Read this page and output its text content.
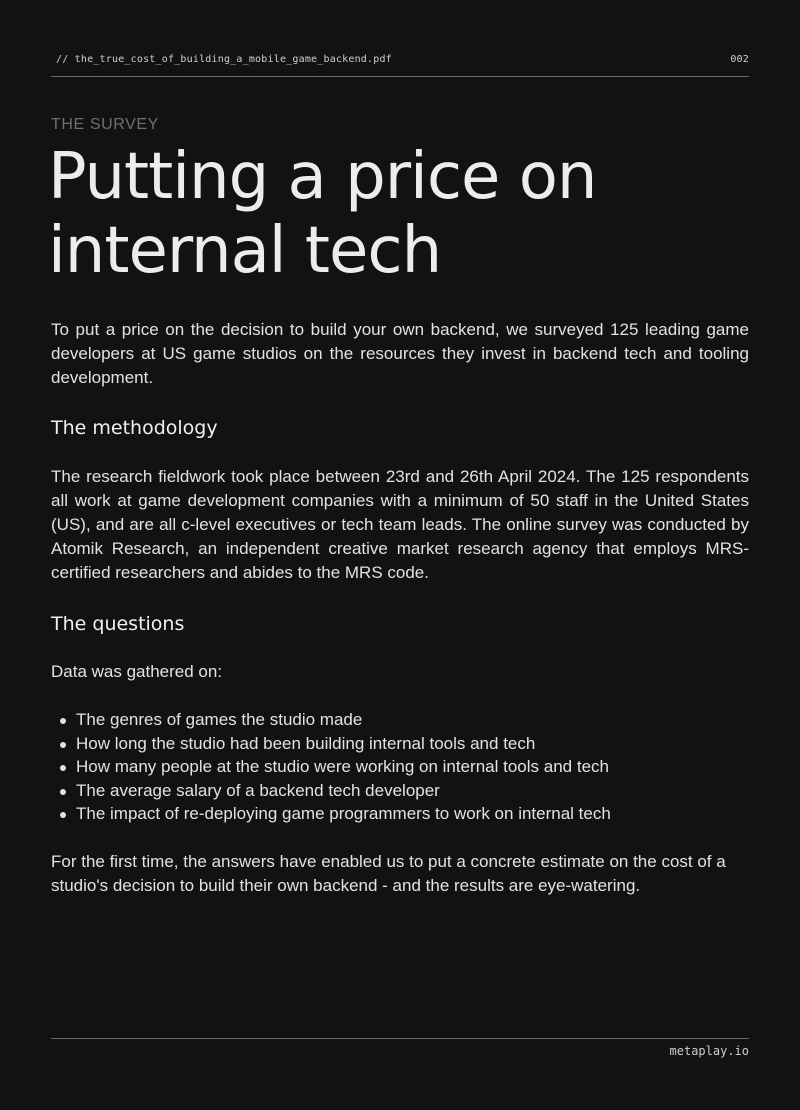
// the_true_cost_of_building_a_mobile_game_backend.pdf	002
THE SURVEY
Putting a price on
internal tech

To put a price on the decision to build your own backend, we surveyed 125 leading game developers at US game studios on the resources they invest in backend tech and tooling development.

The methodology

The research fieldwork took place between 23rd and 26th April 2024. The 125 respondents all work at game development companies with a minimum of 50 staff in the United States (US), and are all c-level executives or tech team leads. The online survey was conducted by Atomik Research, an independent creative market research agency that employs MRS-certified researchers and abides to the MRS code.

The questions

Data was gathered on:

The genres of games the studio made
How long the studio had been building internal tools and tech
How many people at the studio were working on internal tools and tech
The average salary of a backend tech developer
The impact of re-deploying game programmers to work on internal tech

For the first time, the answers have enabled us to put a concrete estimate on the cost of a studio's decision to build their own backend - and the results are eye-watering.

metaplay.io
